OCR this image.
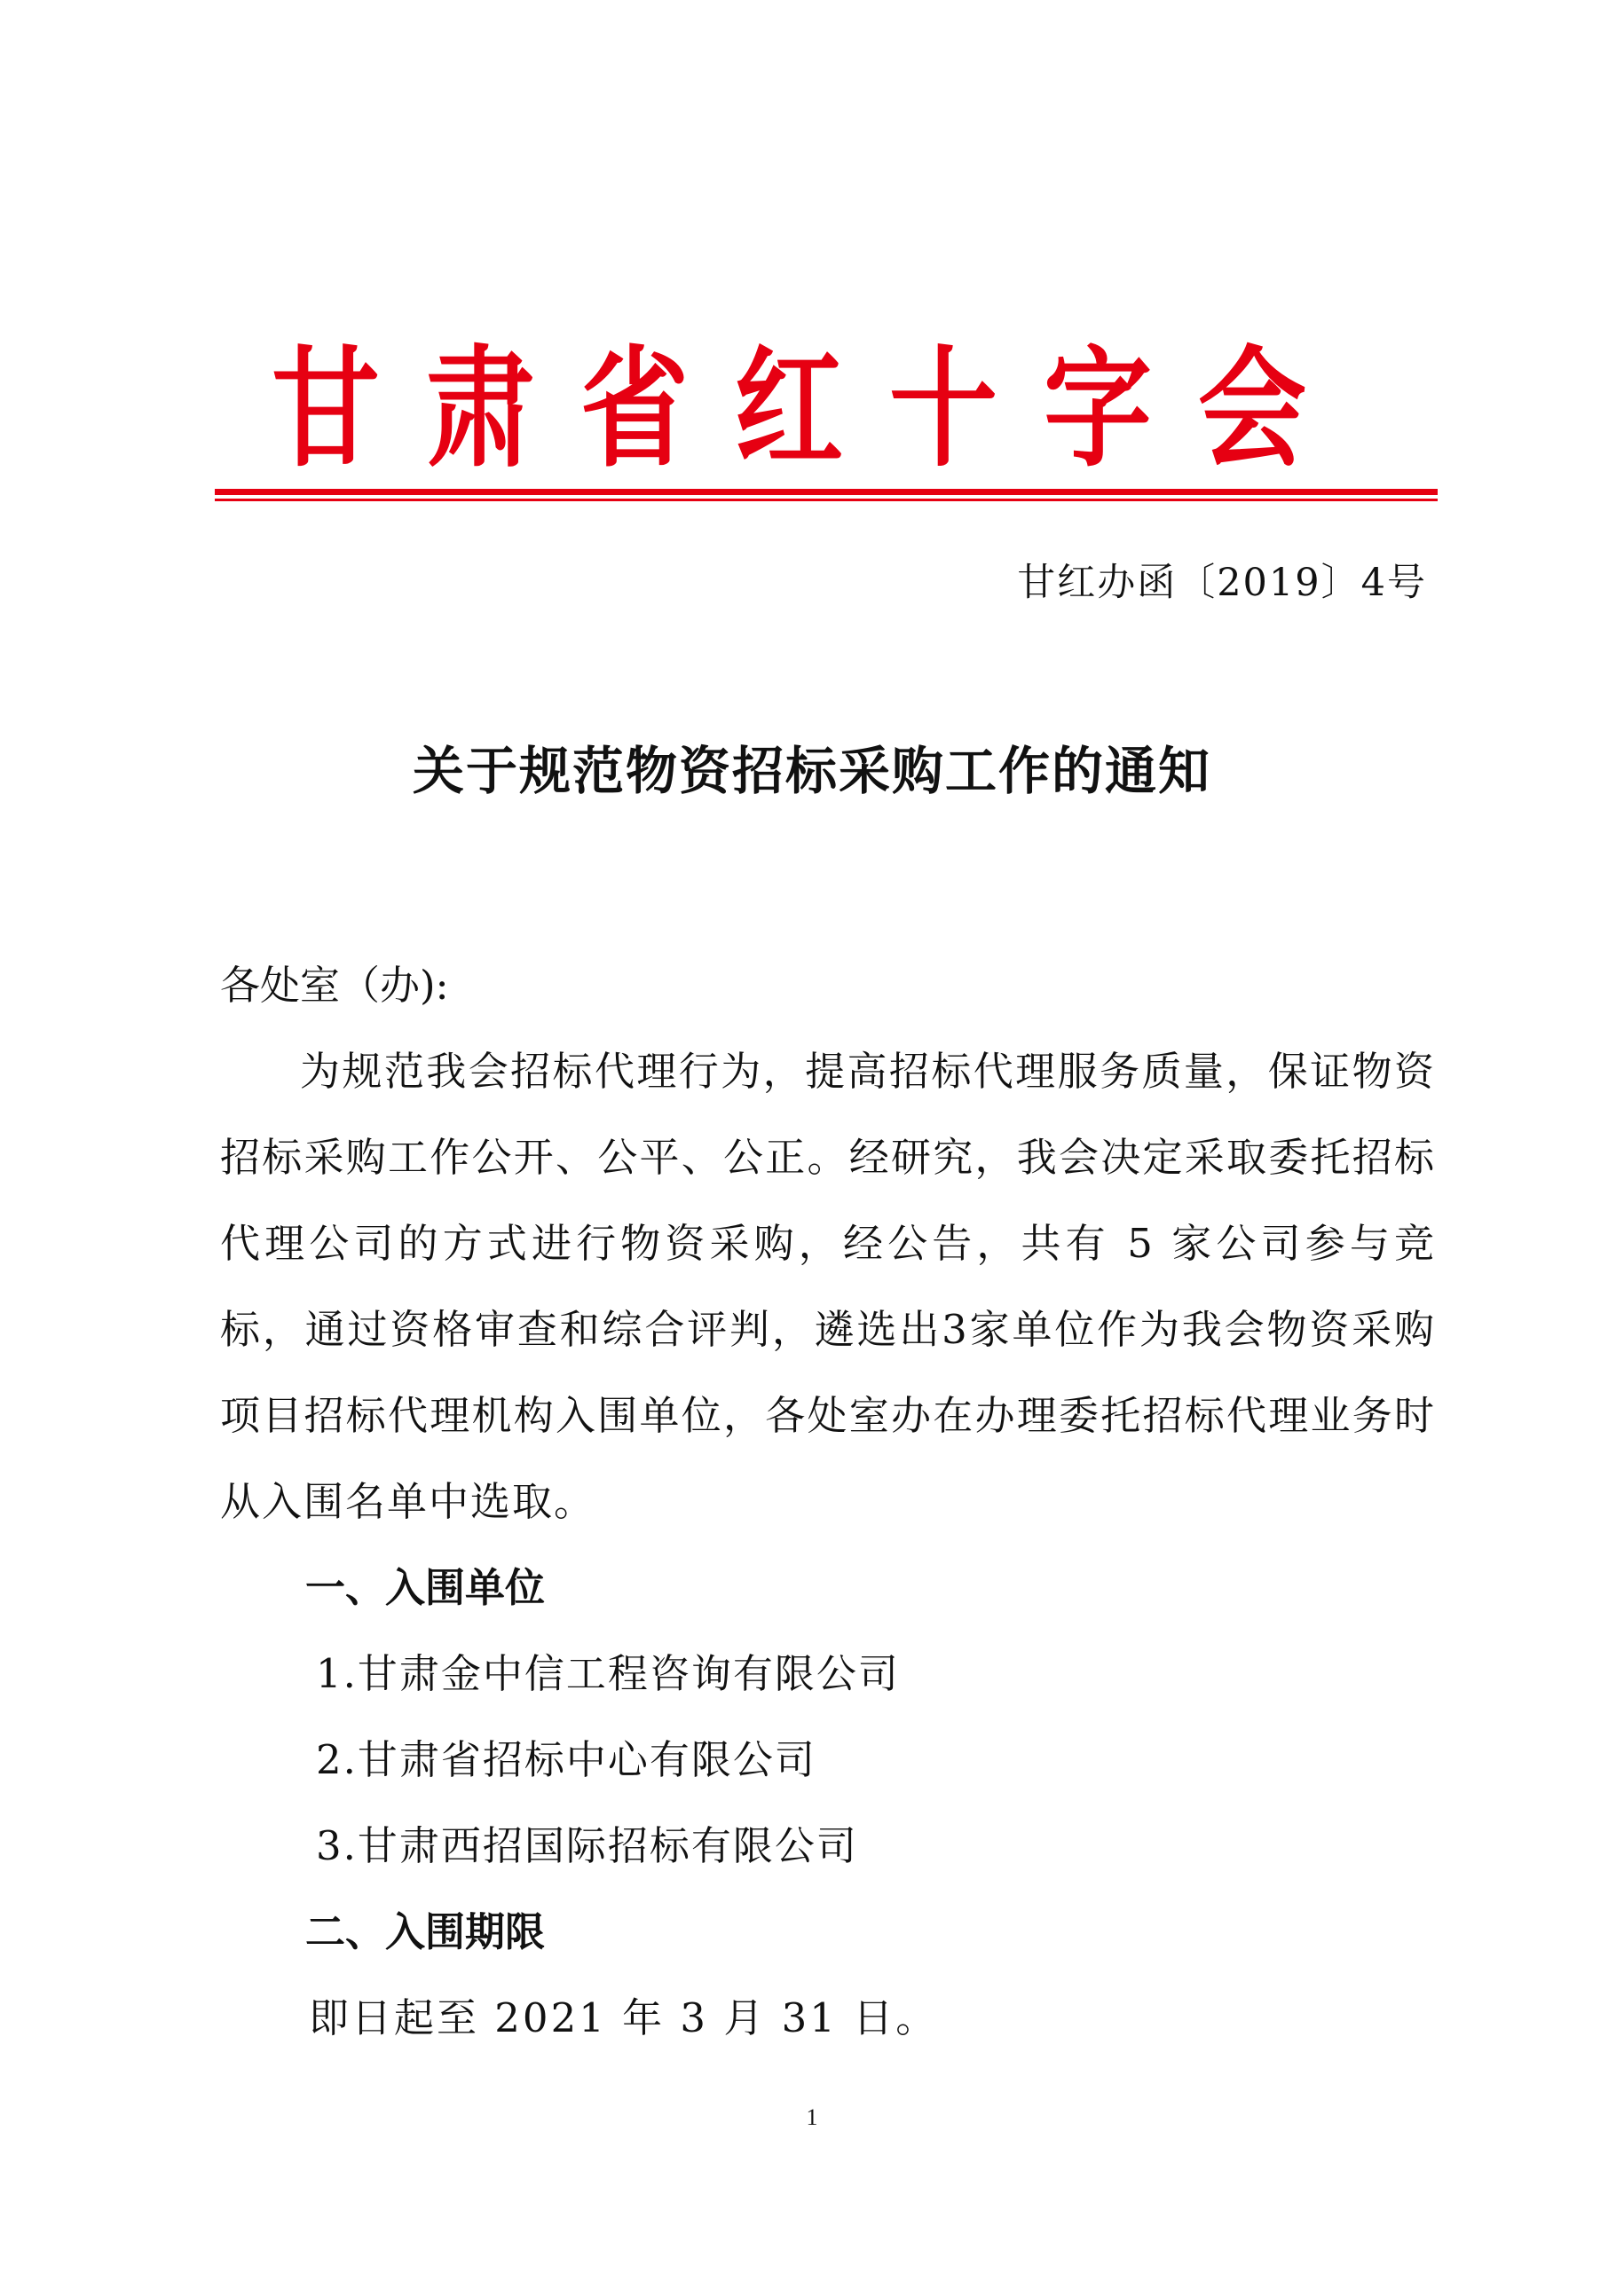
甘肃省红十字会
甘红办函〔2019〕4号
关于规范物资招标采购工作的通知

各处室（办):

为规范我会招标代理行为，提高招标代理服务质量，保证物资招标采购工作公开、公平、公正。经研究，我会决定采取委托招标代理公司的方式进行物资采购，经公告，共有 5 家公司参与竞标，通过资格审查和综合评判，遴选出3家单位作为我会物资采购项目招标代理机构入围单位，各处室办在办理委托招标代理业务时从入围名单中选取。

一、入围单位

1.甘肃金中信工程咨询有限公司

2.甘肃省招标中心有限公司

3.甘肃西招国际招标有限公司

二、入围期限

即日起至 2021 年 3 月 31 日。

1
